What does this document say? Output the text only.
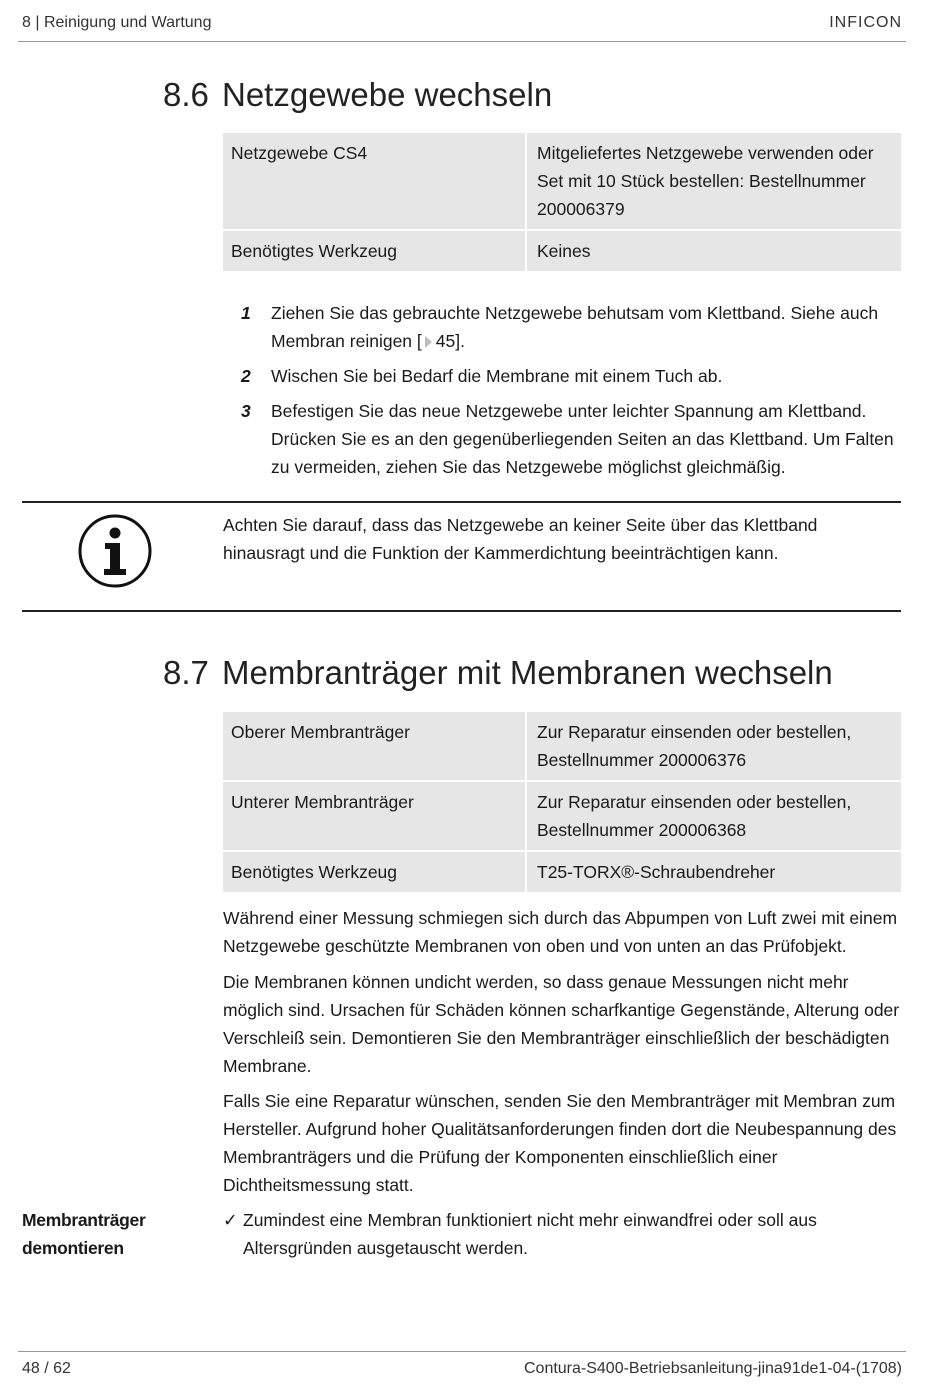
8 | Reinigung und Wartung	INFICON
8.6 Netzgewebe wechseln
Netzgewebe CS4	Mitgeliefertes Netzgewebe verwenden oder Set mit 10 Stück bestellen: Bestellnummer 200006379
Benötigtes Werkzeug	Keines
1 Ziehen Sie das gebrauchte Netzgewebe behutsam vom Klettband. Siehe auch Membran reinigen [ 45].
2 Wischen Sie bei Bedarf die Membrane mit einem Tuch ab.
3 Befestigen Sie das neue Netzgewebe unter leichter Spannung am Klettband. Drücken Sie es an den gegenüberliegenden Seiten an das Klettband. Um Falten zu vermeiden, ziehen Sie das Netzgewebe möglichst gleichmäßig.

Achten Sie darauf, dass das Netzgewebe an keiner Seite über das Klettband hinausragt und die Funktion der Kammerdichtung beeinträchtigen kann.

8.7 Membranträger mit Membranen wechseln
Oberer Membranträger	Zur Reparatur einsenden oder bestellen, Bestellnummer 200006376
Unterer Membranträger	Zur Reparatur einsenden oder bestellen, Bestellnummer 200006368
Benötigtes Werkzeug	T25-TORX®-Schraubendreher

Während einer Messung schmiegen sich durch das Abpumpen von Luft zwei mit einem Netzgewebe geschützte Membranen von oben und von unten an das Prüfobjekt.

Die Membranen können undicht werden, so dass genaue Messungen nicht mehr möglich sind. Ursachen für Schäden können scharfkantige Gegenstände, Alterung oder Verschleiß sein. Demontieren Sie den Membranträger einschließlich der beschädigten Membrane.

Falls Sie eine Reparatur wünschen, senden Sie den Membranträger mit Membran zum Hersteller. Aufgrund hoher Qualitätsanforderungen finden dort die Neubespannung des Membranträgers und die Prüfung der Komponenten einschließlich einer Dichtheitsmessung statt.

Membranträger demontieren
✓ Zumindest eine Membran funktioniert nicht mehr einwandfrei oder soll aus Altersgründen ausgetauscht werden.
48 / 62	Contura-S400-Betriebsanleitung-jina91de1-04-(1708)
